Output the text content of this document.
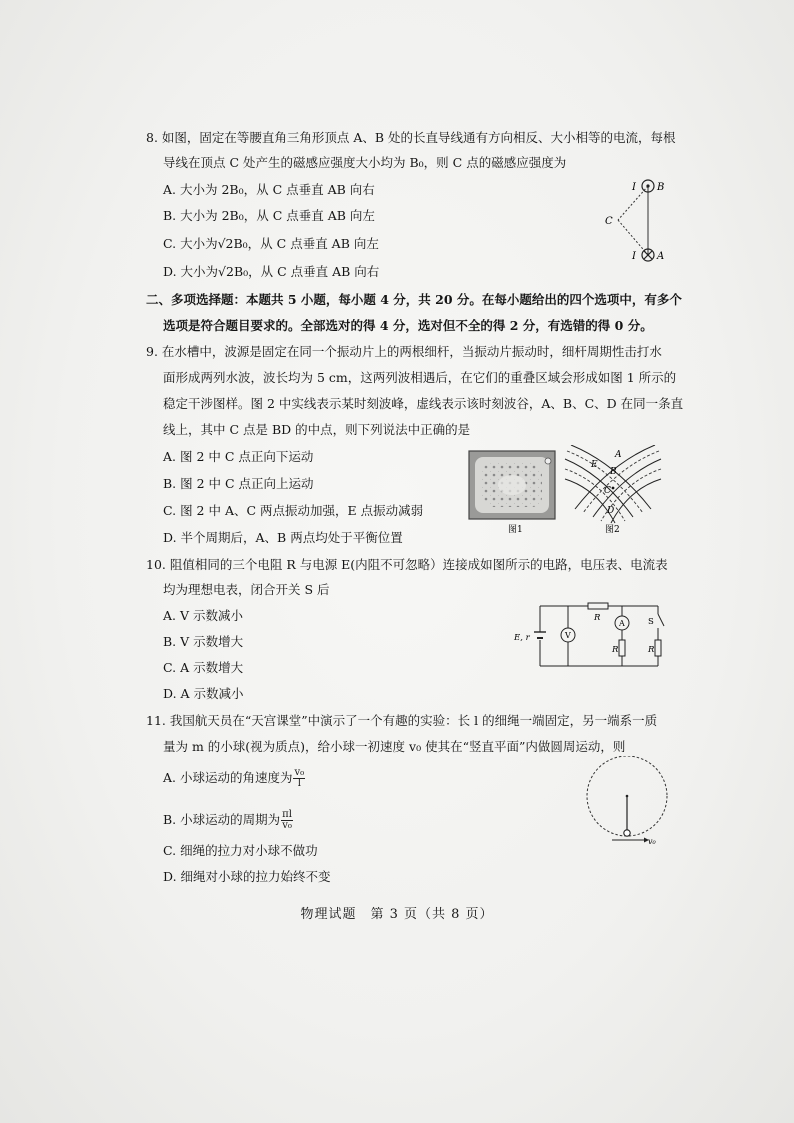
8. 如图，固定在等腰直角三角形顶点 A、B 处的长直导线通有方向相反、大小相等的电流，每根
导线在顶点 C 处产生的磁感应强度大小均为 B₀，则 C 点的磁感应强度为
A. 大小为 2B₀，从 C 点垂直 AB 向右
B. 大小为 2B₀，从 C 点垂直 AB 向左
C. 大小为√2B₀，从 C 点垂直 AB 向左
D. 大小为√2B₀，从 C 点垂直 AB 向右
I B
C
I A
二、多项选择题：本题共 5 小题，每小题 4 分，共 20 分。在每小题给出的四个选项中，有多个
选项是符合题目要求的。全部选对的得 4 分，选对但不全的得 2 分，有选错的得 0 分。
9. 在水槽中，波源是固定在同一个振动片上的两根细杆，当振动片振动时，细杆周期性击打水
面形成两列水波，波长均为 5 cm，这两列波相遇后，在它们的重叠区域会形成如图 1 所示的
稳定干涉图样。图 2 中实线表示某时刻波峰，虚线表示该时刻波谷，A、B、C、D 在同一条直
线上，其中 C 点是 BD 的中点，则下列说法中正确的是
A. 图 2 中 C 点正向下运动
B. 图 2 中 C 点正向上运动
C. 图 2 中 A、C 两点振动加强，E 点振动减弱
D. 半个周期后，A、B 两点均处于平衡位置	图1
A
B
E
C
D
图2
10. 阻值相同的三个电阻 R 与电源 E(内阻不可忽略）连接成如图所示的电路，电压表、电流表
均为理想电表，闭合开关 S 后
A. V 示数减小
B. V 示数增大
C. A 示数增大
D. A 示数减小
E, r	V
A	S
R
R	R
11. 我国航天员在“天宫课堂”中演示了一个有趣的实验：长 l 的细绳一端固定，另一端系一质
量为 m 的小球(视为质点)，给小球一初速度 v₀ 使其在“竖直平面”内做圆周运动，则
A. 小球运动的角速度为 $\frac{\text{v₀}}{l}$
B. 小球运动的周期为 $\frac{\pi l}{\text{v₀}}$
C. 细绳的拉力对小球不做功
D. 细绳对小球的拉力始终不变
v₀
物理试题　第 3 页（共 8 页）
